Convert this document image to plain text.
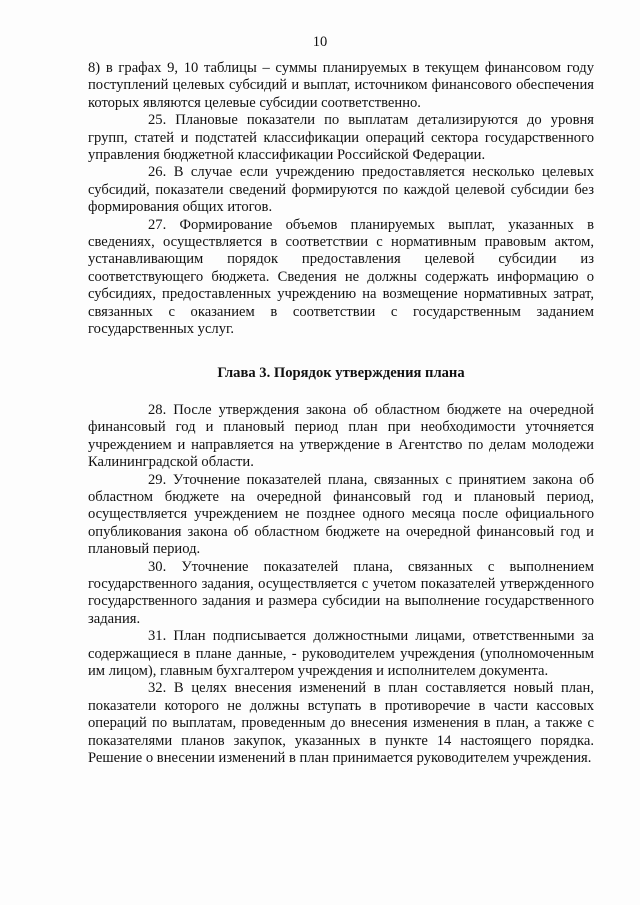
10

8) в графах 9, 10 таблицы – суммы планируемых в текущем финансовом году поступлений целевых субсидий и выплат, источником финансового обеспечения которых являются целевые субсидии соответственно.

25. Плановые показатели по выплатам детализируются до уровня групп, статей и подстатей классификации операций сектора государственного управления бюджетной классификации Российской Федерации.

26. В случае если учреждению предоставляется несколько целевых субсидий, показатели сведений формируются по каждой целевой субсидии без формирования общих итогов.

27. Формирование объемов планируемых выплат, указанных в сведениях, осуществляется в соответствии с нормативным правовым актом, устанавливающим порядок предоставления целевой субсидии из соответствующего бюджета. Сведения не должны содержать информацию о субсидиях, предоставленных учреждению на возмещение нормативных затрат, связанных с оказанием в соответствии с государственным заданием государственных услуг.

Глава 3. Порядок утверждения плана

28. После утверждения закона об областном бюджете на очередной финансовый год и плановый период план при необходимости уточняется учреждением и направляется на утверждение в Агентство по делам молодежи Калининградской области.

29. Уточнение показателей плана, связанных с принятием закона об областном бюджете на очередной финансовый год и плановый период, осуществляется учреждением не позднее одного месяца после официального опубликования закона об областном бюджете на очередной финансовый год и плановый период.

30. Уточнение показателей плана, связанных с выполнением государственного задания, осуществляется с учетом показателей утвержденного государственного задания и размера субсидии на выполнение государственного задания.

31. План подписывается должностными лицами, ответственными за содержащиеся в плане данные, - руководителем учреждения (уполномоченным им лицом), главным бухгалтером учреждения и исполнителем документа.

32. В целях внесения изменений в план составляется новый план, показатели которого не должны вступать в противоречие в части кассовых операций по выплатам, проведенным до внесения изменения в план, а также с показателями планов закупок, указанных в пункте 14 настоящего порядка. Решение о внесении изменений в план принимается руководителем учреждения.
